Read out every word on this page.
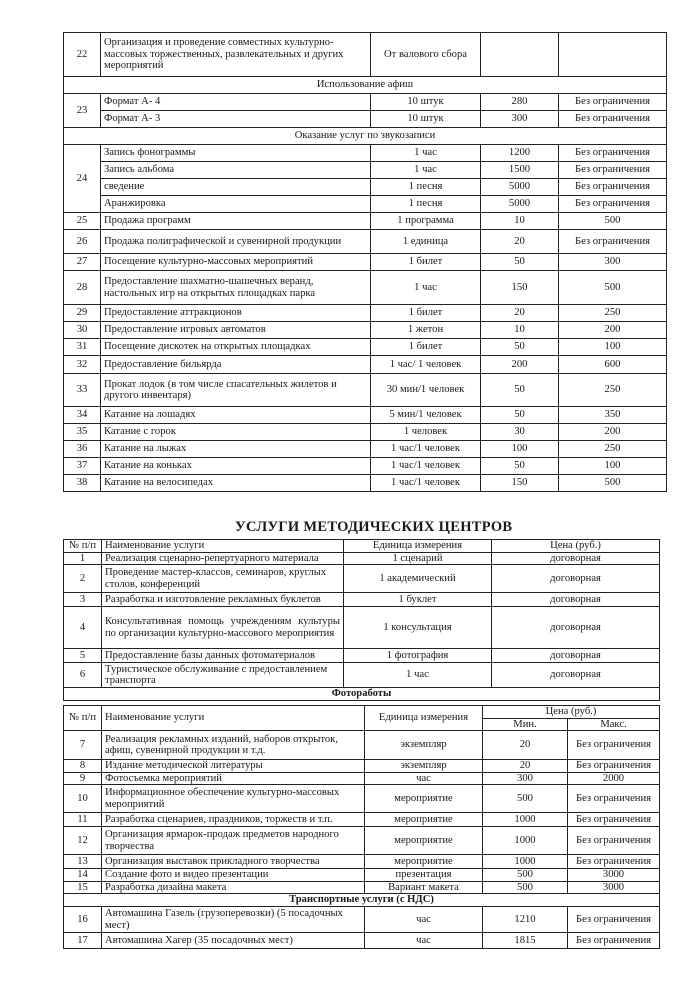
22	Организация и проведение совместных культурно-массовых торжественных, развлекательных и других мероприятий	От валового сбора		
Использование афиш				
23	Формат А- 4	10 штук	280	Без ограничения
	Формат А- 3	10 штук	300	Без ограничения
Оказание услуг по звукозаписи				
24	Запись фонограммы	1 час	1200	Без ограничения
	Запись альбома	1 час	1500	Без ограничения
	сведение	1 песня	5000	Без ограничения
	Аранжировка	1 песня	5000	Без ограничения
25	Продажа программ	1 программа	10	500
26	Продажа полиграфической и сувенирной продукции	1 единица	20	Без ограничения
27	Посещение культурно-массовых мероприятий	1 билет	50	300
28	Предоставление шахматно-шашечных веранд, настольных игр на открытых площадках парка	1 час	150	500
29	Предоставление аттракционов	1 билет	20	250
30	Предоставление игровых автоматов	1 жетон	10	200
31	Посещение дискотек на открытых площадках	1 билет	50	100
32	Предоставление бильярда	1 час/ 1 человек	200	600
33	Прокат лодок (в том числе спасательных жилетов и другого инвентаря)	30 мин/1 человек	50	250
34	Катание на лошадях	5 мин/1 человек	50	350
35	Катание с горок	1 человек	30	200
36	Катание на лыжах	1 час/1 человек	100	250
37	Катание на коньках	1 час/1 человек	50	100
38	Катание на велосипедах	1 час/1 человек	150	500
УСЛУГИ МЕТОДИЧЕСКИХ ЦЕНТРОВ
№ п/п	Наименование услуги	Единица измерения	Цена (руб.)
1	Реализация сценарно-репертуарного материала	1 сценарий	договорная
2	Проведение мастер-классов, семинаров, круглых столов, конференций	1 академический	договорная
3	Разработка и изготовление рекламных буклетов	1 буклет	договорная
4	Консультативная помощь учреждениям культуры по организации культурно-массового мероприятия	1 консультация	договорная
5	Предоставление базы данных фотоматериалов	1 фотография	договорная
6	Туристическое обслуживание с предоставлением транспорта	1 час	договорная
Фотоработы			
№ п/п	Наименование услуги	Единица измерения	Цена (руб.)	
			Мин.	Макс.
7	Реализация рекламных изданий, наборов открыток, афиш, сувенирной продукции и т.д.	экземпляр	20	Без ограничения
8	Издание методической литературы	экземпляр	20	Без ограничения
9	Фотосъемка мероприятий	час	300	2000
10	Информационное обеспечение культурно-массовых мероприятий	мероприятие	500	Без ограничения
11	Разработка сценариев, праздников, торжеств и т.п.	мероприятие	1000	Без ограничения
12	Организация ярмарок-продаж предметов народного творчества	мероприятие	1000	Без ограничения
13	Организация выставок прикладного творчества	мероприятие	1000	Без ограничения
14	Создание фото и видео презентации	презентация	500	3000
15	Разработка дизайна макета	Вариант макета	500	3000
Транспортные услуги (с НДС)				
16	Автомашина Газель (грузоперевозки) (5 посадочных мест)	час	1210	Без ограничения
17	Автомашина Хагер (35 посадочных мест)	час	1815	Без ограничения
